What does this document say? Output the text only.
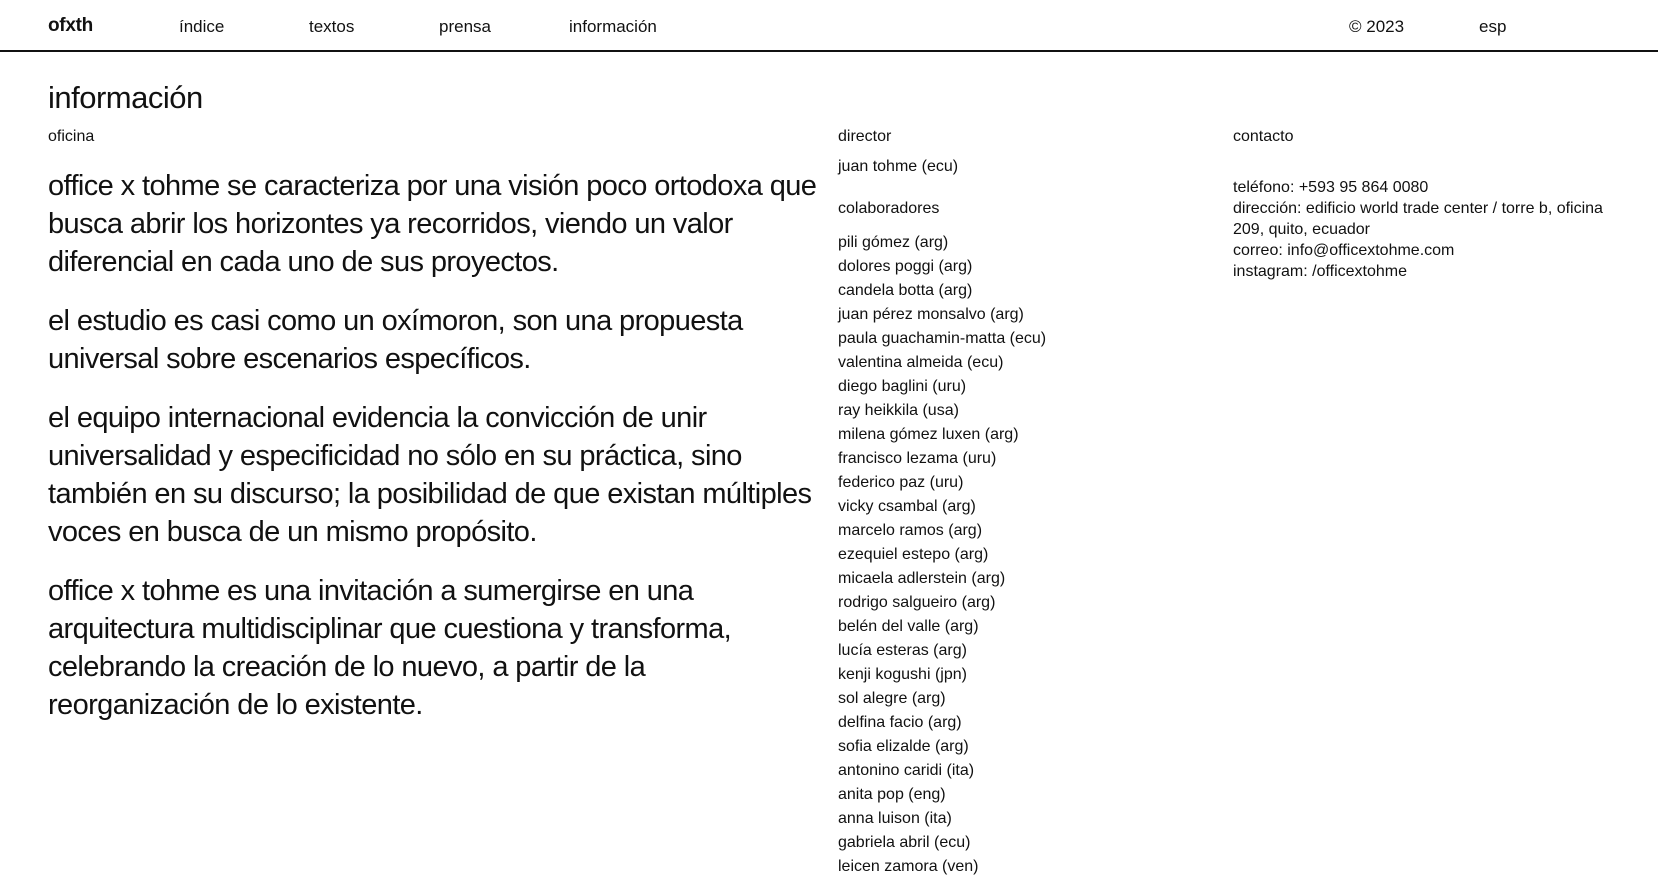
ofxth	índice	textos	prensa	información	© 2023	esp
información
oficina	director	contacto

office x tohme se caracteriza por una visión poco ortodoxa que busca abrir los horizontes ya recorridos, viendo un valor diferencial en cada uno de sus proyectos.

el estudio es casi como un oxímoron, son una propuesta universal sobre escenarios específicos.

el equipo internacional evidencia la convicción de unir universalidad y especificidad no sólo en su práctica, sino también en su discurso; la posibilidad de que existan múltiples voces en busca de un mismo propósito.

office x tohme es una invitación a sumergirse en una arquitectura multidisciplinar que cuestiona y transforma, celebrando la creación de lo nuevo, a partir de la reorganización de lo existente.

juan tohme (ecu)
colaboradores
pili gómez (arg)
dolores poggi (arg)
candela botta (arg)
juan pérez monsalvo (arg)
paula guachamin-matta (ecu)
valentina almeida (ecu)
diego baglini (uru)
ray heikkila (usa)
milena gómez luxen (arg)
francisco lezama (uru)
federico paz (uru)
vicky csambal (arg)
marcelo ramos (arg)
ezequiel estepo (arg)
micaela adlerstein (arg)
rodrigo salgueiro (arg)
belén del valle (arg)
lucía esteras (arg)
kenji kogushi (jpn)
sol alegre (arg)
delfina facio (arg)
sofia elizalde (arg)
antonino caridi (ita)
anita pop (eng)
anna luison (ita)
gabriela abril (ecu)
leicen zamora (ven)
teléfono: +593 95 864 0080
dirección: edificio world trade center / torre b, oficina 209, quito, ecuador
correo: info@officextohme.com
instagram: /officextohme
